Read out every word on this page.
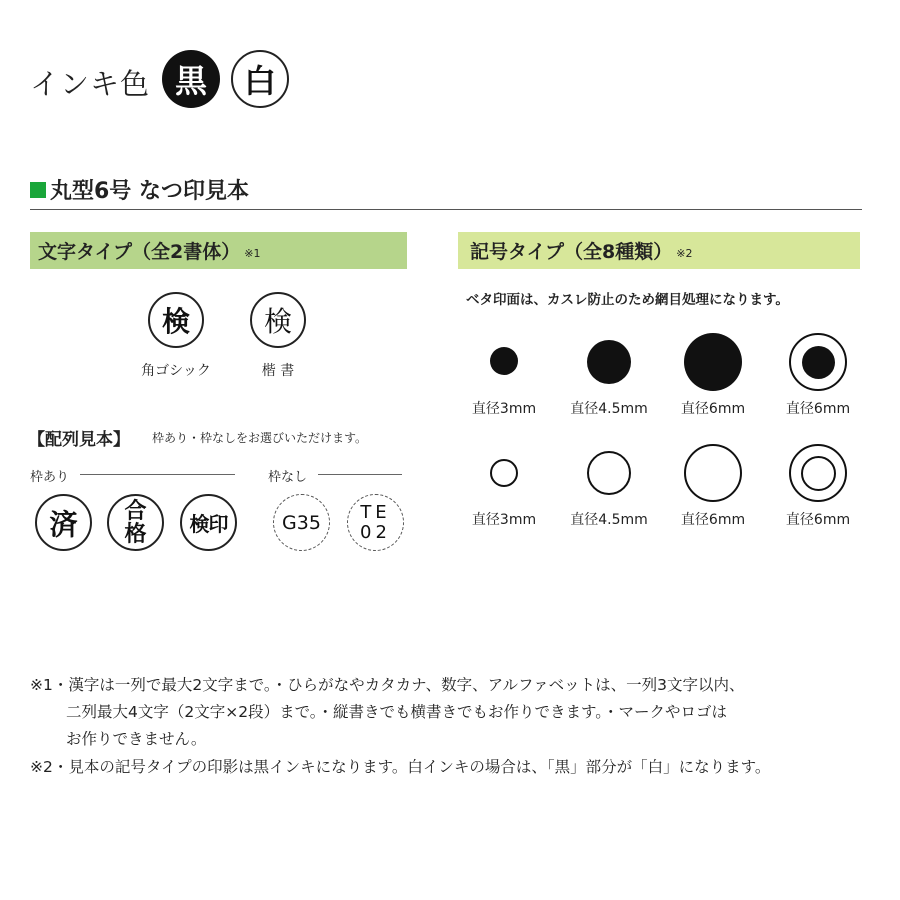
インキ色 黒	白
丸型6号 なつ印見本
文字タイプ（全2書体） ※1
検
角ゴシック
検
楷 書
【配列見本】 枠あり・枠なしをお選びいただけます。
枠あり	枠なし
済 合
格 検印	G35 TE
02
記号タイプ（全8種類） ※2
ベタ印面は、カスレ防止のため網目処理になります。
直径3mm	直径4.5mm	直径6mm	直径6mm
直径3mm	直径4.5mm	直径6mm	直径6mm
※1・漢字は一列で最大2文字まで。・ひらがなやカタカナ、数字、アルファベットは、一列3文字以内、
二列最大4文字（2文字×2段）まで。・縦書きでも横書きでもお作りできます。・マークやロゴは
お作りできません。
※2・見本の記号タイプの印影は黒インキになります。白インキの場合は、「黒」部分が「白」になります。
